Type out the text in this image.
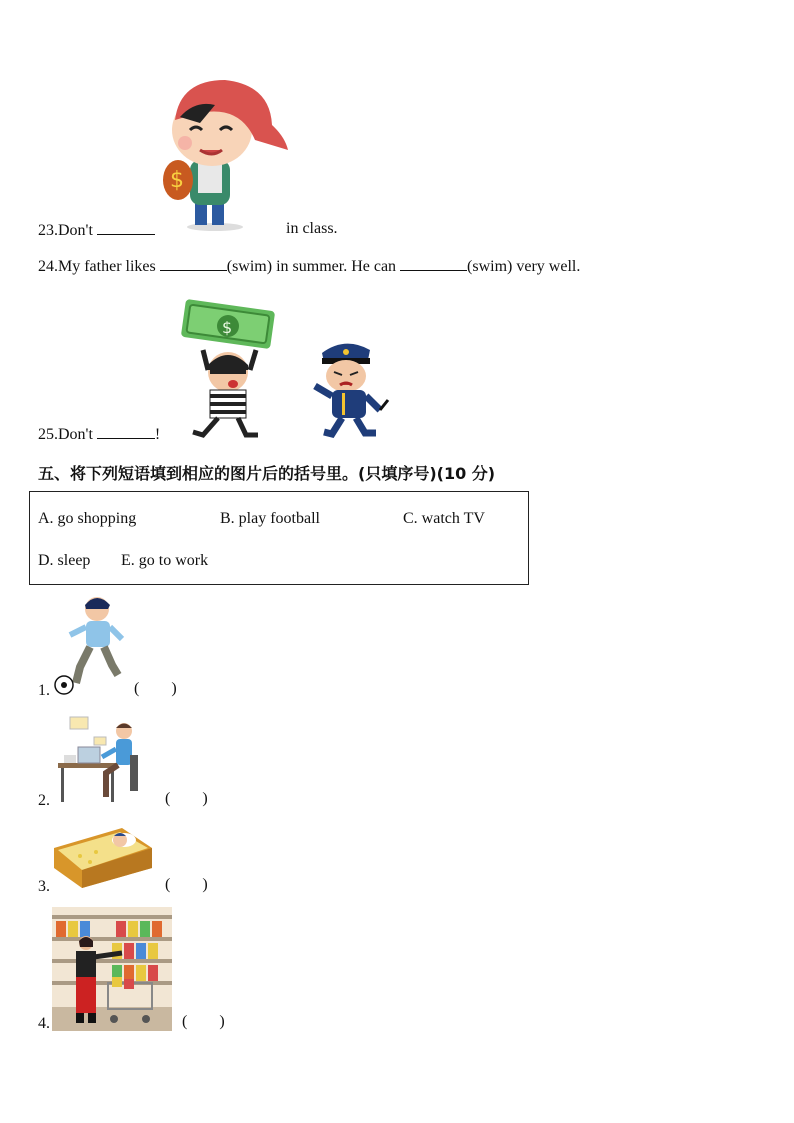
$
23.Don't	in class.
24.My father likes	(swim) in summer. He can	(swim) very well.
$
25.Don't	!
五、将下列短语填到相应的图片后的括号里。(只填序号)(10 分)
A. go shopping	B. play football	C. watch TV
D. sleep E. go to work
1.	(        )
2.	(        )
3.	(        )
4.	(        )
